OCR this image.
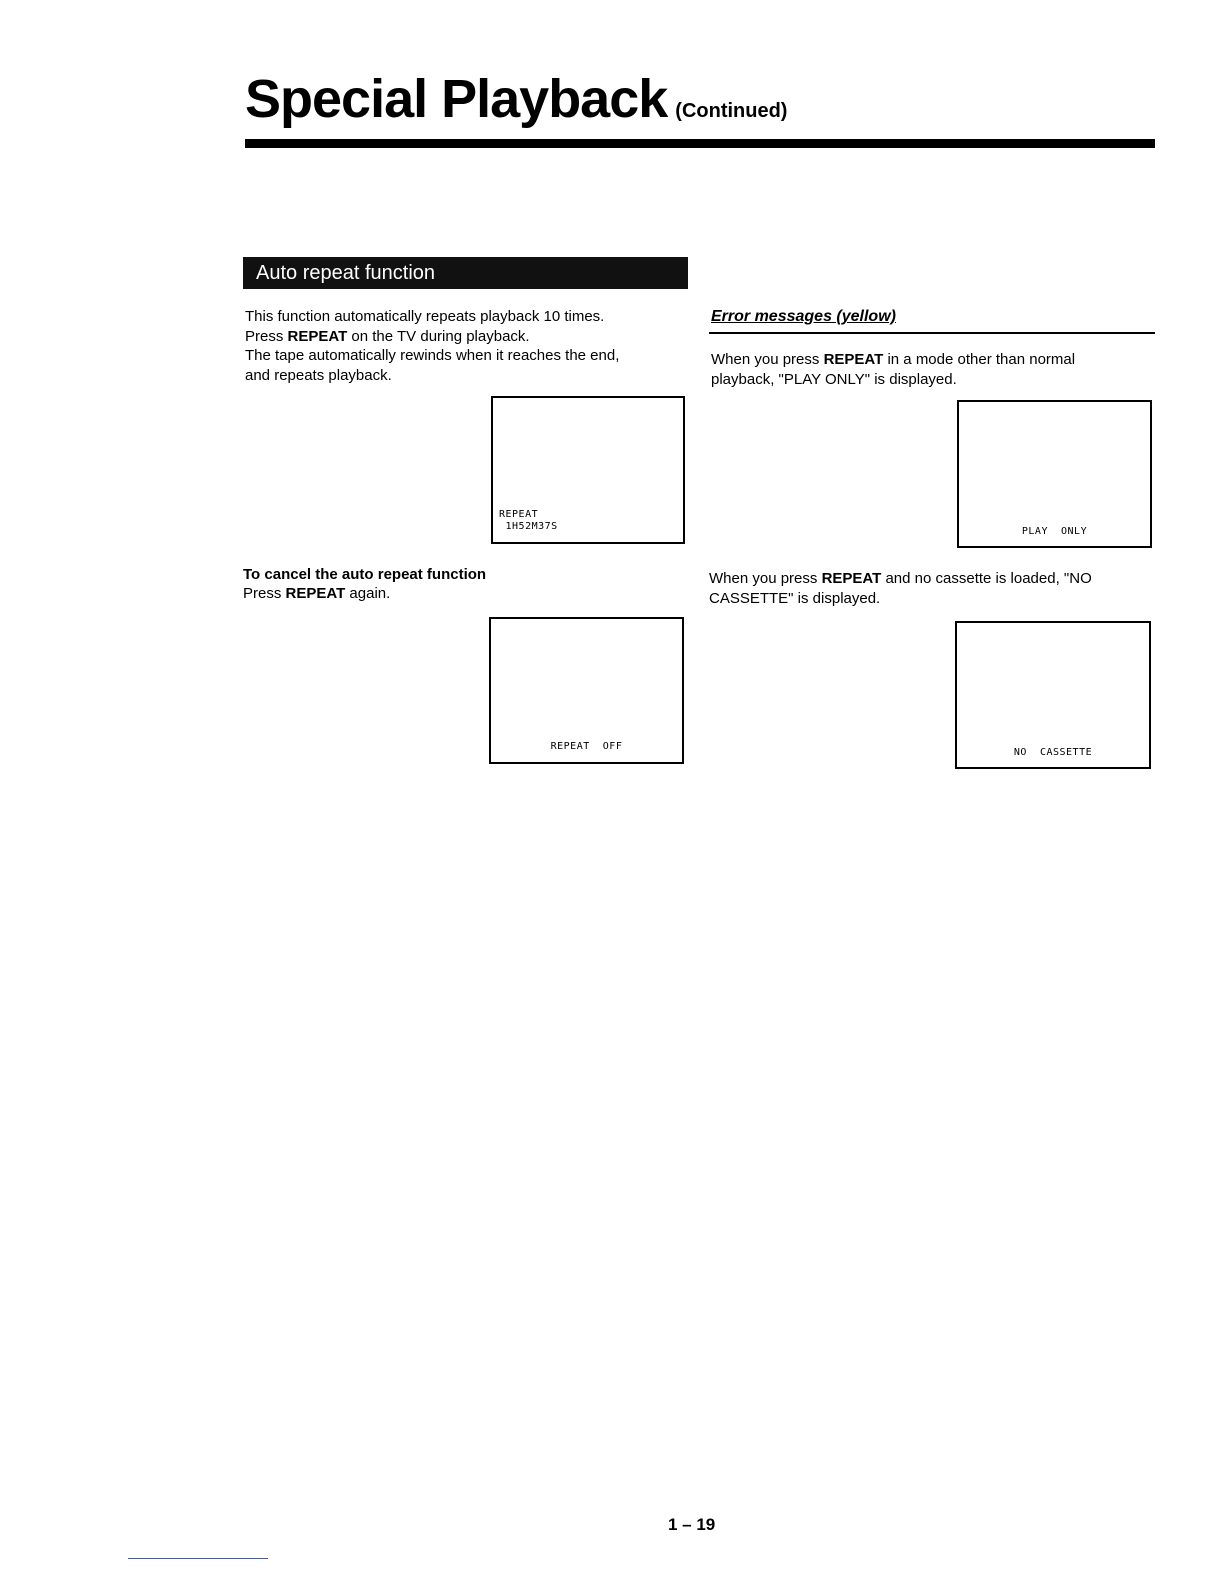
Special Playback (Continued)
Auto repeat function
This function automatically repeats playback 10 times.
Press REPEAT on the TV during playback.
The tape automatically rewinds when it reaches the end,
and repeats playback.
REPEAT
1H52M37S
To cancel the auto repeat function
Press REPEAT again.
REPEAT  OFF
Error messages (yellow)
When you press REPEAT in a mode other than normal
playback, "PLAY ONLY" is displayed.
PLAY  ONLY
When you press REPEAT and no cassette is loaded, "NO
CASSETTE" is displayed.
NO  CASSETTE
1 – 19
